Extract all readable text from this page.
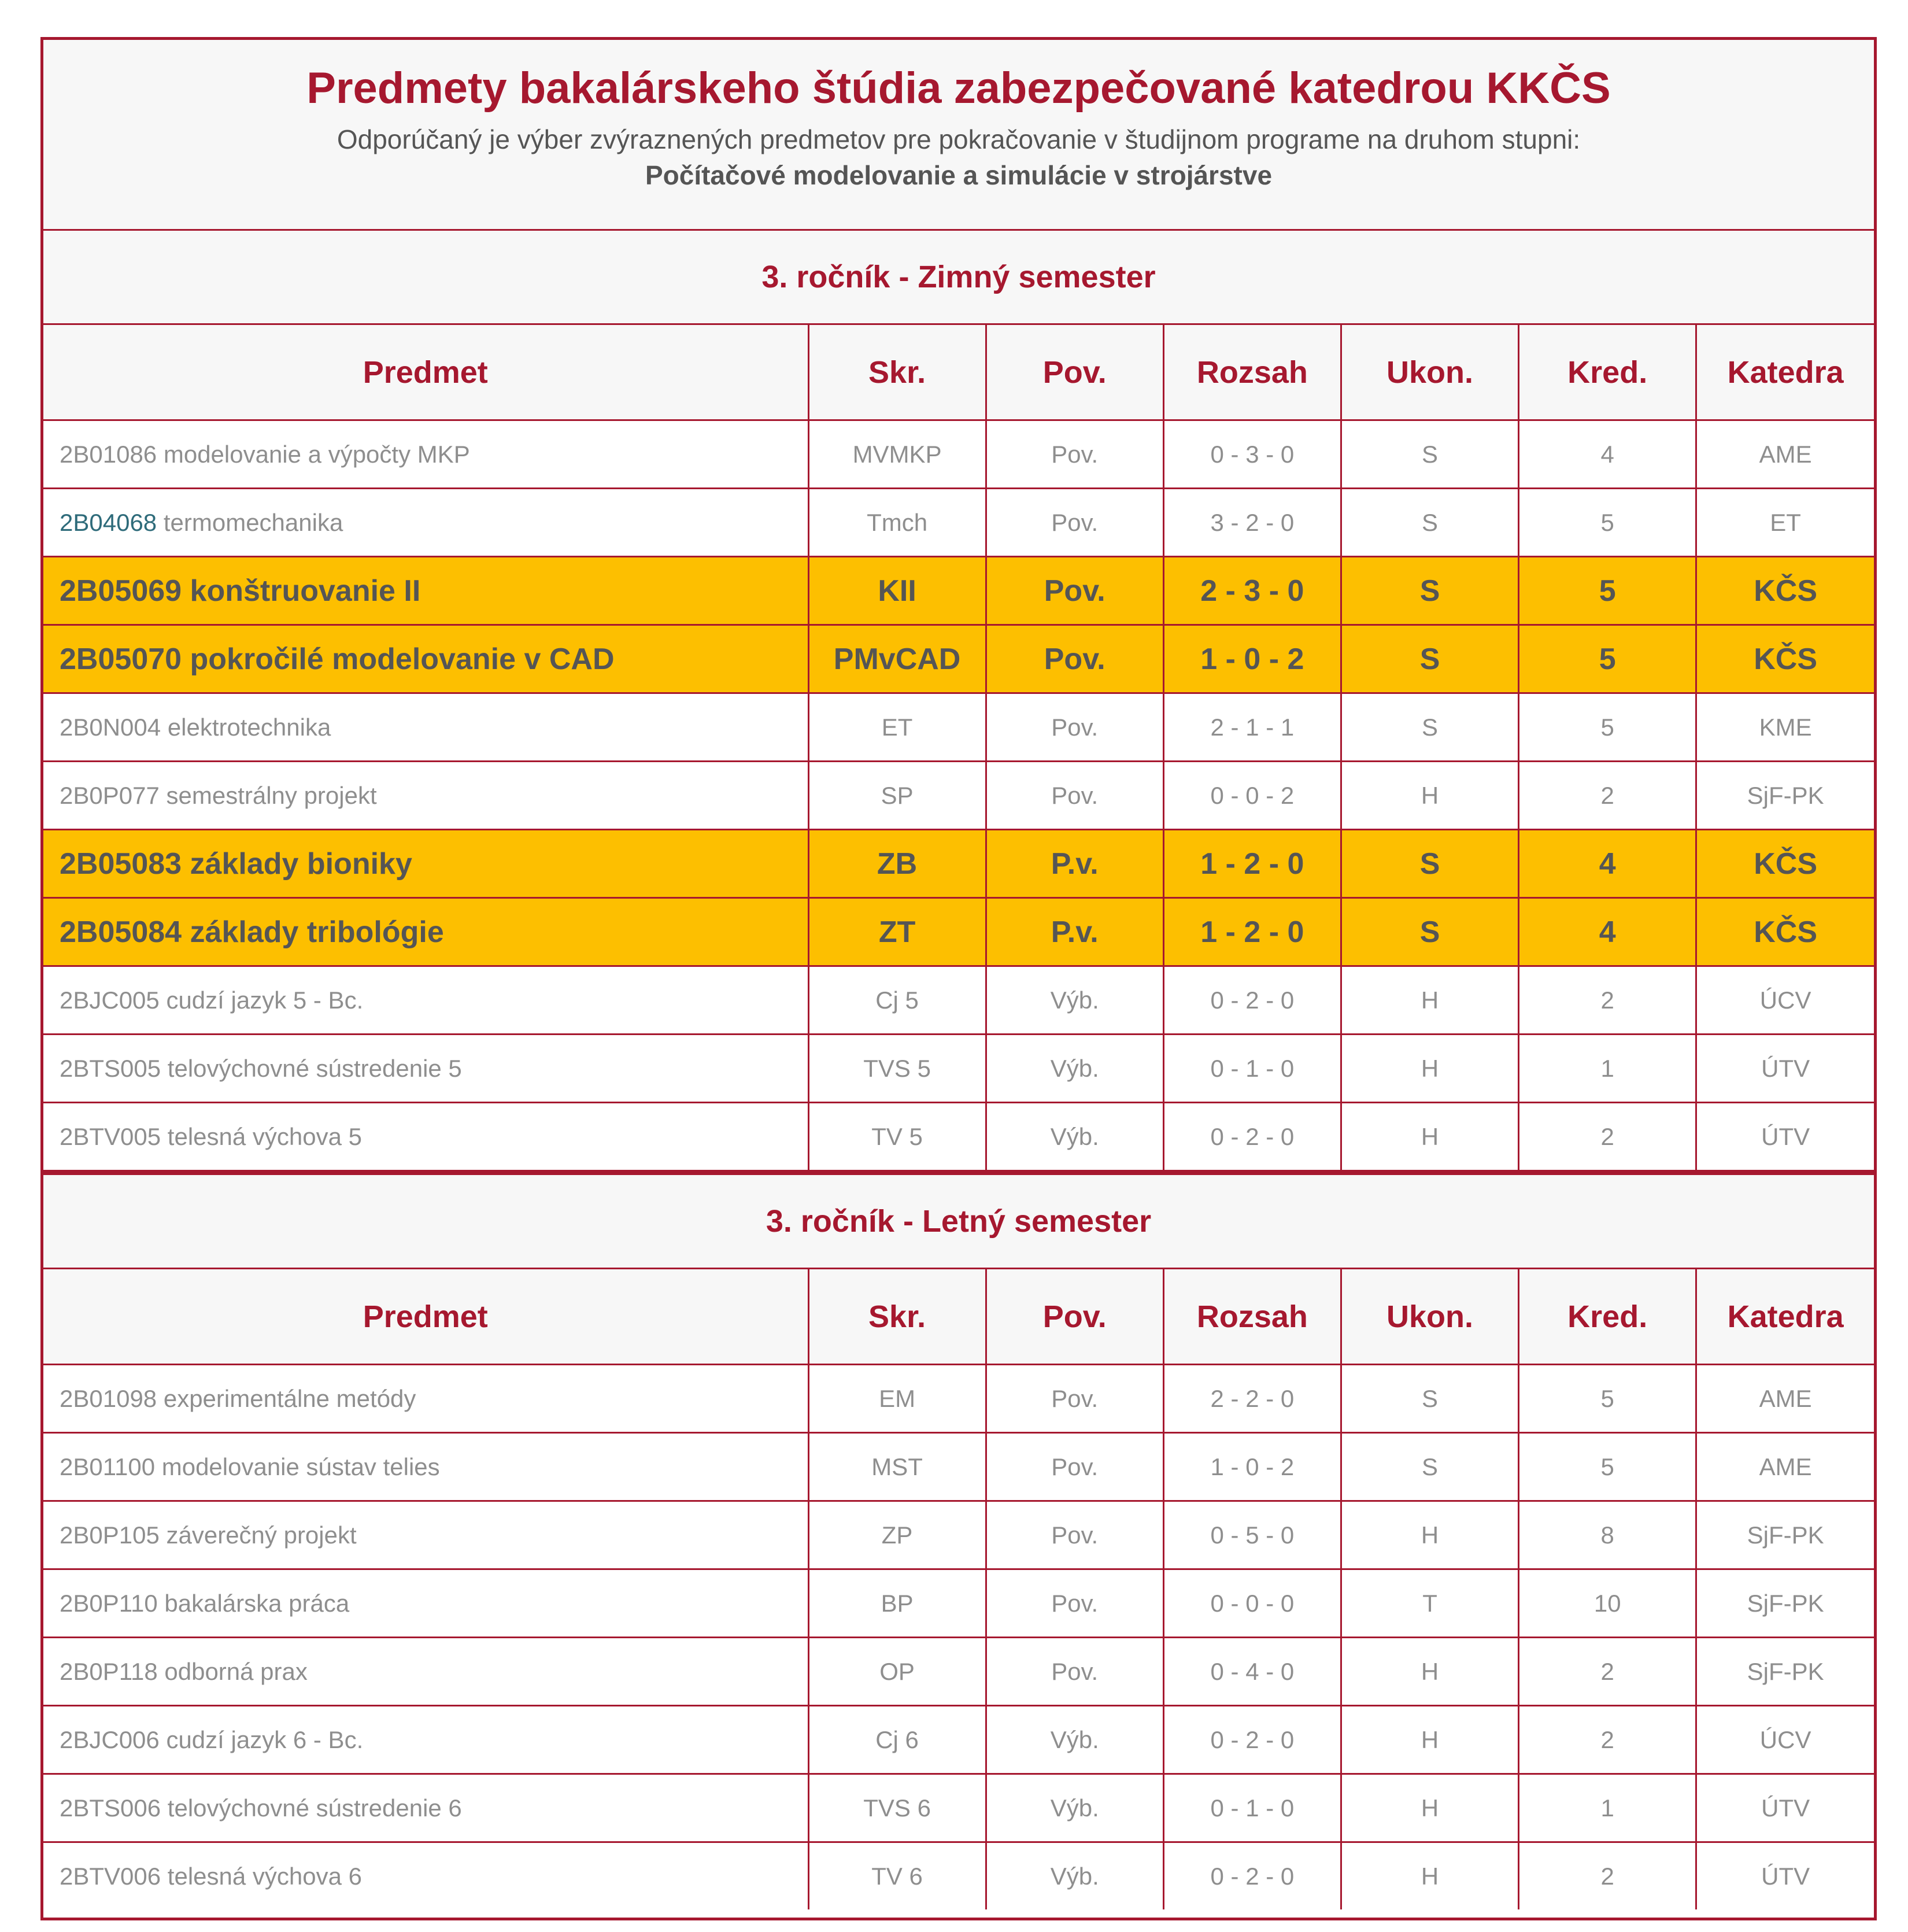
Predmety bakalárskeho štúdia zabezpečované katedrou KKČS
Odporúčaný je výber zvýraznených predmetov pre pokračovanie v študijnom programe na druhom stupni:
Počítačové modelovanie a simulácie v strojárstve
3. ročník - Zimný semester
Predmet	Skr.	Pov.	Rozsah	Ukon.	Kred.	Katedra
2B01086 modelovanie a výpočty MKP	MVMKP	Pov.	0 - 3 - 0	S	4	AME
2B04068 termomechanika	Tmch	Pov.	3 - 2 - 0	S	5	ET
2B05069 konštruovanie II	KII	Pov.	2 - 3 - 0	S	5	KČS
2B05070 pokročilé modelovanie v CAD	PMvCAD	Pov.	1 - 0 - 2	S	5	KČS
2B0N004 elektrotechnika	ET	Pov.	2 - 1 - 1	S	5	KME
2B0P077 semestrálny projekt	SP	Pov.	0 - 0 - 2	H	2	SjF-PK
2B05083 základy bioniky	ZB	P.v.	1 - 2 - 0	S	4	KČS
2B05084 základy tribológie	ZT	P.v.	1 - 2 - 0	S	4	KČS
2BJC005 cudzí jazyk 5 - Bc.	Cj 5	Výb.	0 - 2 - 0	H	2	ÚCV
2BTS005 telovýchovné sústredenie 5	TVS 5	Výb.	0 - 1 - 0	H	1	ÚTV
2BTV005 telesná výchova 5	TV 5	Výb.	0 - 2 - 0	H	2	ÚTV
3. ročník - Letný semester
Predmet	Skr.	Pov.	Rozsah	Ukon.	Kred.	Katedra
2B01098 experimentálne metódy	EM	Pov.	2 - 2 - 0	S	5	AME
2B01100 modelovanie sústav telies	MST	Pov.	1 - 0 - 2	S	5	AME
2B0P105 záverečný projekt	ZP	Pov.	0 - 5 - 0	H	8	SjF-PK
2B0P110 bakalárska práca	BP	Pov.	0 - 0 - 0	T	10	SjF-PK
2B0P118 odborná prax	OP	Pov.	0 - 4 - 0	H	2	SjF-PK
2BJC006 cudzí jazyk 6 - Bc.	Cj 6	Výb.	0 - 2 - 0	H	2	ÚCV
2BTS006 telovýchovné sústredenie 6	TVS 6	Výb.	0 - 1 - 0	H	1	ÚTV
2BTV006 telesná výchova 6	TV 6	Výb.	0 - 2 - 0	H	2	ÚTV
